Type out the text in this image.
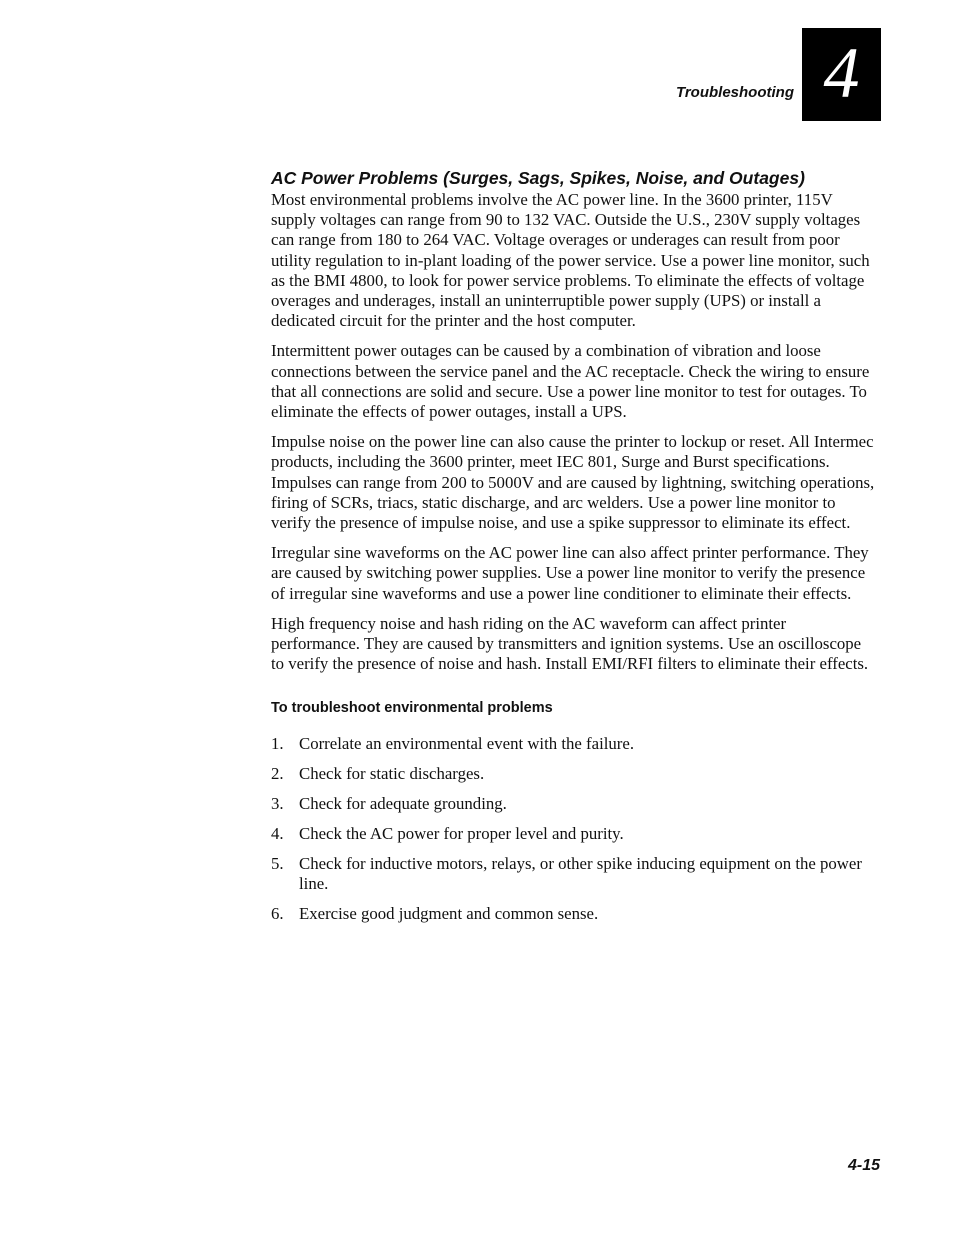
Troubleshooting 4
AC Power Problems (Surges, Sags, Spikes, Noise, and Outages)

Most environmental problems involve the AC power line. In the 3600 printer, 115V supply voltages can range from 90 to 132 VAC. Outside the U.S., 230V supply voltages can range from 180 to 264 VAC. Voltage overages or underages can result from poor utility regulation to in-plant loading of the power service. Use a power line monitor, such as the BMI 4800, to look for power service problems. To eliminate the effects of voltage overages and underages, install an uninterruptible power supply (UPS) or install a dedicated circuit for the printer and the host computer.

Intermittent power outages can be caused by a combination of vibration and loose connections between the service panel and the AC receptacle. Check the wiring to ensure that all connections are solid and secure. Use a power line monitor to test for outages. To eliminate the effects of power outages, install a UPS.

Impulse noise on the power line can also cause the printer to lockup or reset. All Intermec products, including the 3600 printer, meet IEC 801, Surge and Burst specifications. Impulses can range from 200 to 5000V and are caused by lightning, switching operations, firing of SCRs, triacs, static discharge, and arc welders. Use a power line monitor to verify the presence of impulse noise, and use a spike suppressor to eliminate its effect.

Irregular sine waveforms on the AC power line can also affect printer performance. They are caused by switching power supplies. Use a power line monitor to verify the presence of irregular sine waveforms and use a power line conditioner to eliminate their effects.

High frequency noise and hash riding on the AC waveform can affect printer performance. They are caused by transmitters and ignition systems. Use an oscilloscope to verify the presence of noise and hash. Install EMI/RFI filters to eliminate their effects.

To troubleshoot environmental problems
1. Correlate an environmental event with the failure.
2. Check for static discharges.
3. Check for adequate grounding.
4. Check the AC power for proper level and purity.
5. Check for inductive motors, relays, or other spike inducing equipment on the power line.
6. Exercise good judgment and common sense.
4-15
